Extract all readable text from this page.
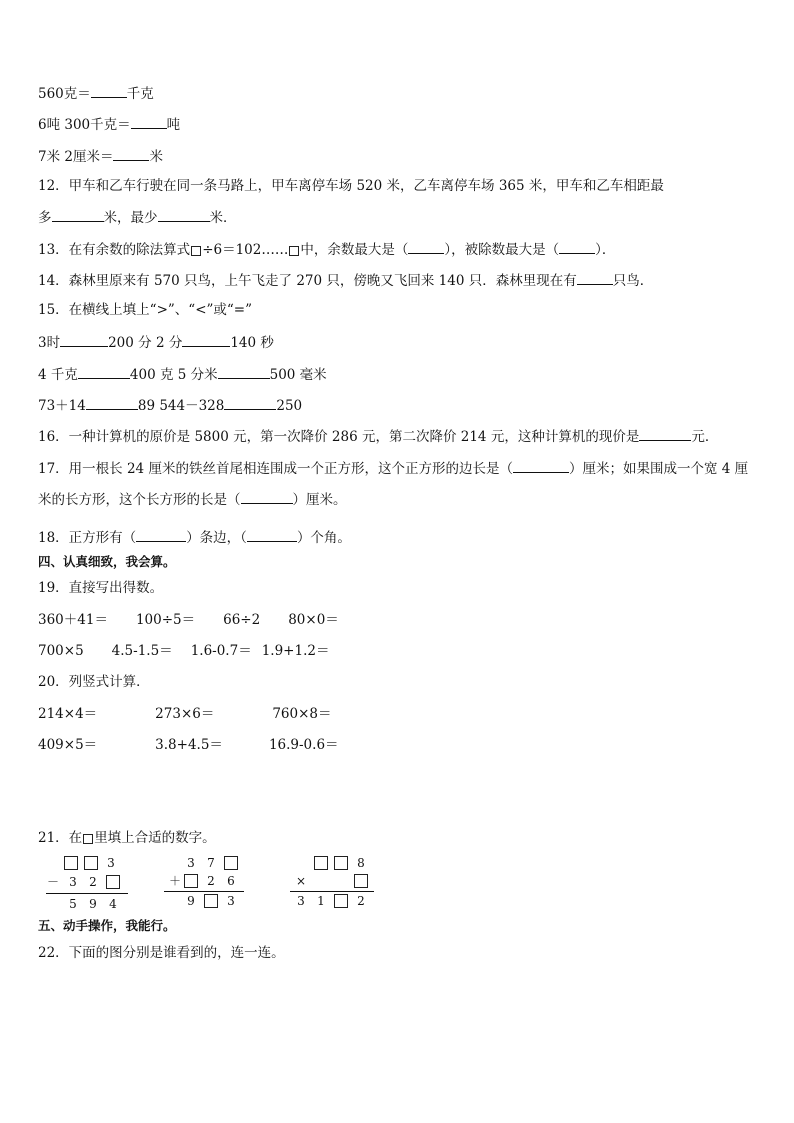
560克＝	千克
6吨 300千克＝	吨
7米 2厘米＝	米
12．甲车和乙车行驶在同一条马路上，甲车离停车场 520 米，乙车离停车场 365 米，甲车和乙车相距最
多	米，最少	米．
13．在有余数的除法算式 ÷6＝102…… 中，余数最大是（	），被除数最大是（	）．
14．森林里原来有 570 只鸟，上午飞走了 270 只，傍晚又飞回来 140 只．森林里现在有	只鸟．
15．在横线上填上“>”、“<”或“=”
3时	200 分 2 分	140 秒
4 千克	400 克 5 分米	500 毫米
73＋14	89 544－328	250
16．一种计算机的原价是 5800 元，第一次降价 286 元，第二次降价 214 元，这种计算机的现价是	元．
17．用一根长 24 厘米的铁丝首尾相连围成一个正方形，这个正方形的边长是（	）厘米；如果围成一个宽 4 厘
米的长方形，这个长方形的长是（	）厘米。
18．正方形有（	）条边，（	）个角。
四、认真细致，我会算。
19．直接写出得数。
360＋41＝ 100÷5＝ 66÷2 80×0＝
700×5 4.5-1.5＝ 1.6-0.7＝ 1.9+1.2＝
20．列竖式计算．
214×4＝	273×6＝	760×8＝
409×5＝	3.8+4.5＝	16.9-0.6＝
21．在 里填上合适的数字。
五、动手操作，我能行。
22．下面的图分别是谁看到的，连一连。
3
－ 3 2
5 9 4
3 7
＋ 2 6
9	3
8
×
3 1	2
